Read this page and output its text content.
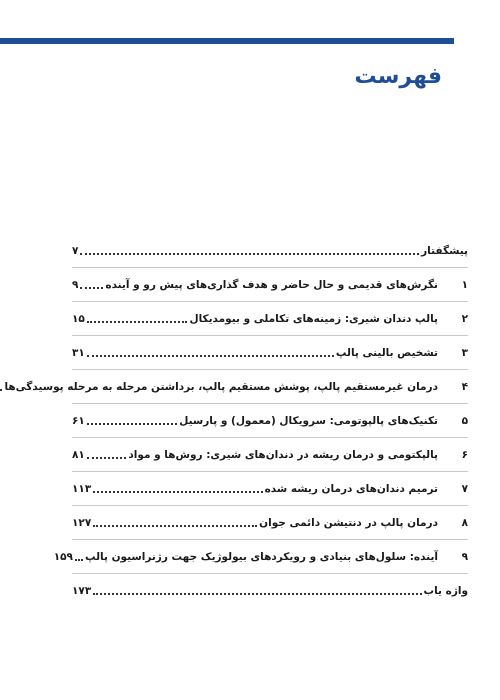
فهرست
پیشگفتار
۷
۱
نگرش‌های قدیمی و حال حاضر و هدف گذاری‌های پیش رو و آینده
۹
۲
پالپ دندان شیری: زمینه‌های تکاملی و بیومدیکال
۱۵
۳
تشخیص بالینی پالپ
۳۱
۴
درمان غیرمستقیم پالپ، پوشش مستقیم پالپ، برداشتن مرحله به مرحله پوسیدگی‌ها
۵
تکنیک‌های پالپوتومی: سرویکال (معمول) و پارسیل
۶۱
۶
پالپکتومی و درمان ریشه در دندان‌های شیری: روش‌ها و مواد
۸۱
۷
ترمیم دندان‌های درمان ریشه شده
۱۱۳
۸
درمان پالپ در دنتیشن دائمی جوان
۱۲۷
۹
آینده: سلول‌های بنیادی و رویکردهای بیولوژیک جهت رژنراسیون پالپ
۱۵۹
واژه یاب
۱۷۳
